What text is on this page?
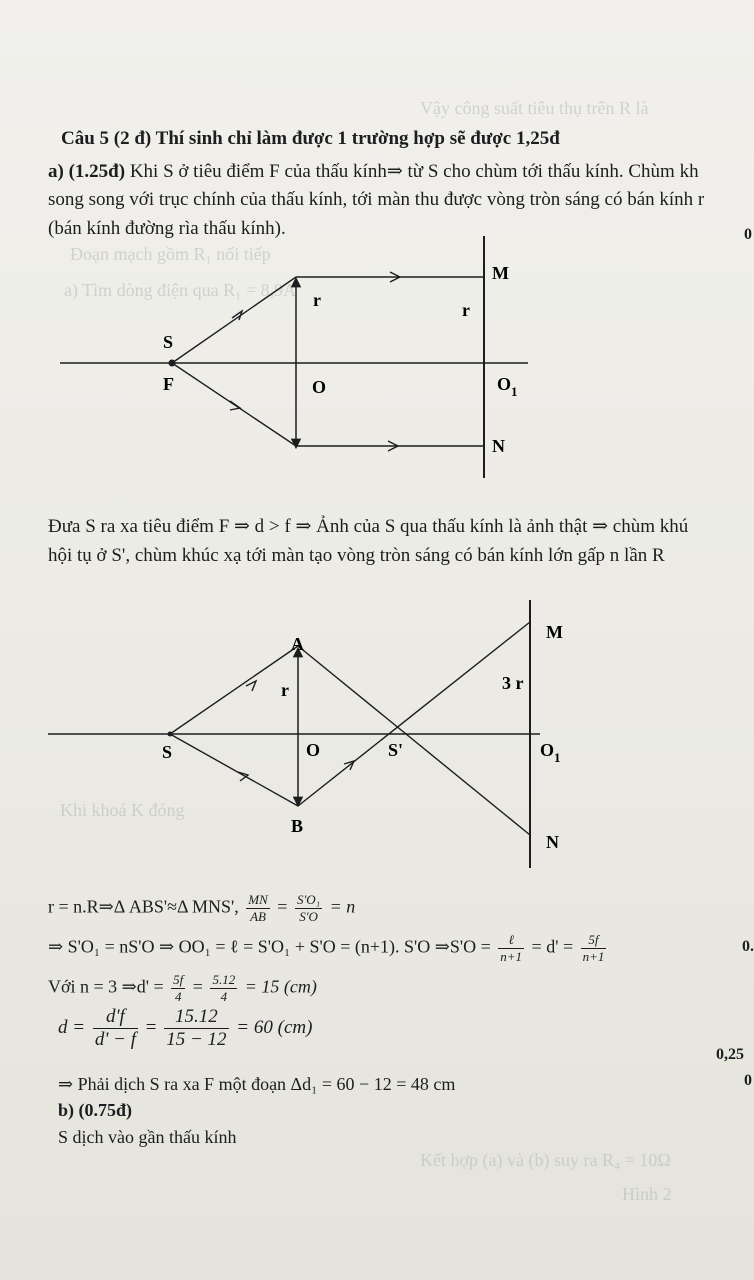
Vậy công suất tiêu thụ trên R là
Đoạn mạch gồm R₁ nối tiếp
a) Tìm dòng điện qua R₁ = 8,9A
Khi khoá K đóng
Kết hợp (a) và (b) suy ra R₄ = 10Ω
Hình 2
Câu 5 (2 đ) Thí sinh chỉ làm được 1 trường hợp sẽ được 1,25đ
a) (1.25đ) Khi S ở tiêu điểm F của thấu kính⇒ từ S cho chùm tới thấu kính. Chùm kh
song song với trục chính của thấu kính, tới màn thu được vòng tròn sáng có bán kính r
(bán kính đường rìa thấu kính).
S
F	O
r	r
M
N
$O_1$
Đưa S ra xa tiêu điểm F ⇒ d > f ⇒ Ảnh của S qua thấu kính là ảnh thật ⇒ chùm khú
hội tụ ở S', chùm khúc xạ tới màn tạo vòng tròn sáng có bán kính lớn gấp n lần R
A
B
S	O	S'
r	3 r
M
N
$O_1$
r = n.R⇒Δ ABS'≈Δ MNS', $\frac{MN}{AB} = \frac{\text{S'O₁}}{S'O} = n$
⇒ S'O₁ = nS'O ⇒ OO₁ = ℓ = S'O₁ + S'O = (n+1). S'O ⇒S'O = $\frac{\text{ℓ}}{n+1} = d' = \frac{5f}{n+1}$
Với n = 3 ⇒d' = $\frac{5f}{4} = \frac{5.12}{4} = 15$ (cm)
$d = \frac{d'f}{d' - f} = \frac{15.12}{15 - 12} = 60$ (cm)
⇒ Phải dịch S ra xa F một đoạn Δd₁ = 60 − 12 = 48 cm
b) (0.75đ)
S dịch vào gần thấu kính
0,25
0
0.
0
